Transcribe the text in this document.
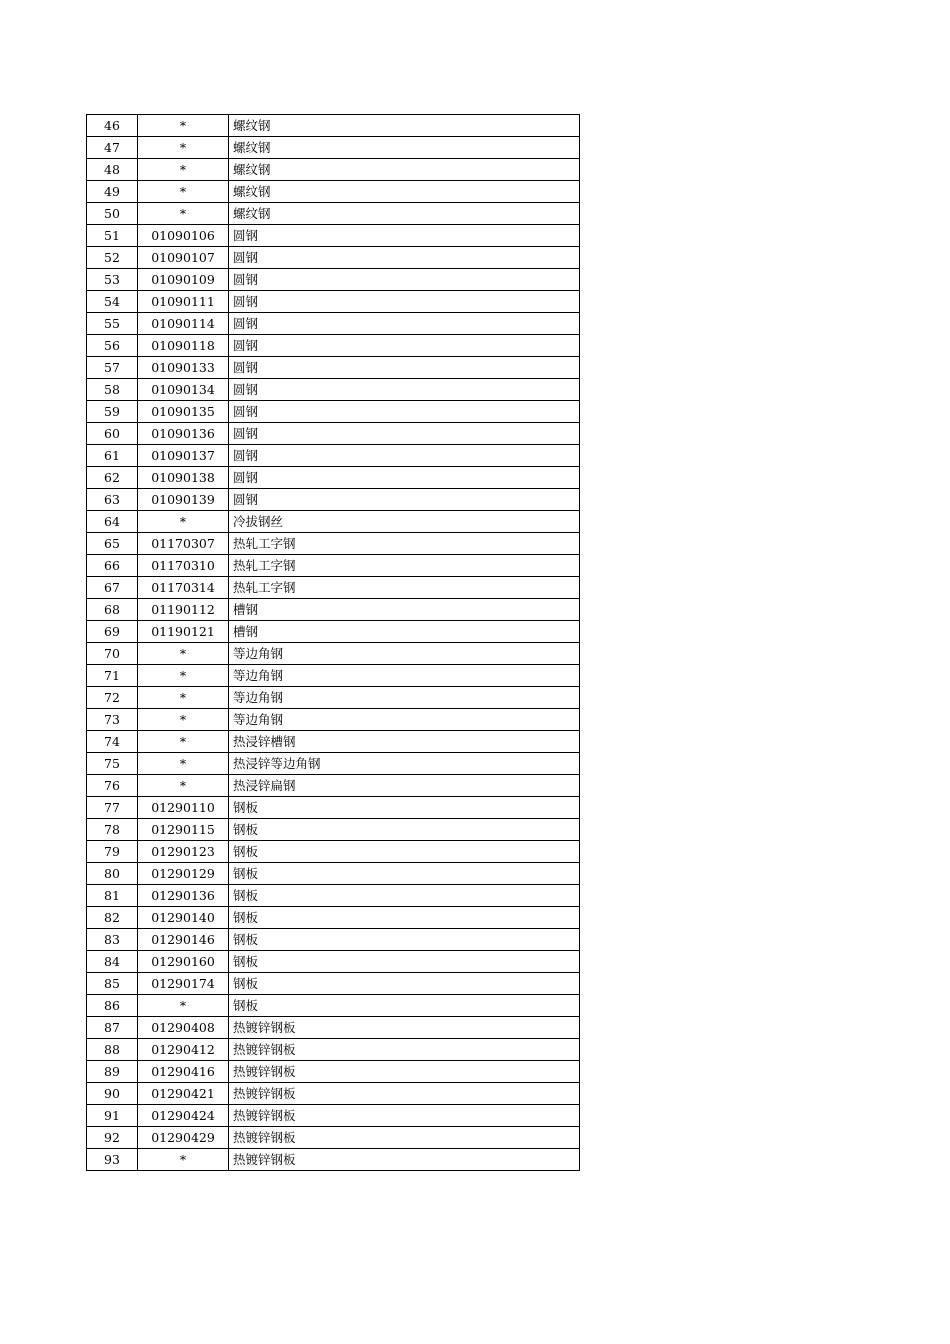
46	*	螺纹钢
47	*	螺纹钢
48	*	螺纹钢
49	*	螺纹钢
50	*	螺纹钢
51	01090106	圆钢
52	01090107	圆钢
53	01090109	圆钢
54	01090111	圆钢
55	01090114	圆钢
56	01090118	圆钢
57	01090133	圆钢
58	01090134	圆钢
59	01090135	圆钢
60	01090136	圆钢
61	01090137	圆钢
62	01090138	圆钢
63	01090139	圆钢
64	*	冷拔钢丝
65	01170307	热轧工字钢
66	01170310	热轧工字钢
67	01170314	热轧工字钢
68	01190112	槽钢
69	01190121	槽钢
70	*	等边角钢
71	*	等边角钢
72	*	等边角钢
73	*	等边角钢
74	*	热浸锌槽钢
75	*	热浸锌等边角钢
76	*	热浸锌扁钢
77	01290110	钢板
78	01290115	钢板
79	01290123	钢板
80	01290129	钢板
81	01290136	钢板
82	01290140	钢板
83	01290146	钢板
84	01290160	钢板
85	01290174	钢板
86	*	钢板
87	01290408	热镀锌钢板
88	01290412	热镀锌钢板
89	01290416	热镀锌钢板
90	01290421	热镀锌钢板
91	01290424	热镀锌钢板
92	01290429	热镀锌钢板
93	*	热镀锌钢板
